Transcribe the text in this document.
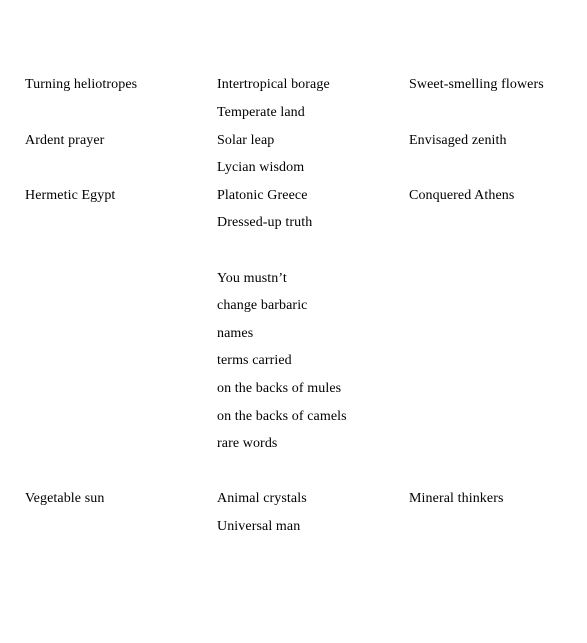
Turning heliotropes	Intertropical borage	Sweet-smelling flowers
Temperate land
Ardent prayer	Solar leap	Envisaged zenith
Lycian wisdom
Hermetic Egypt	Platonic Greece	Conquered Athens
Dressed-up truth
You mustn’t
change barbaric
names
terms carried
on the backs of mules
on the backs of camels
rare words
Vegetable sun	Animal crystals	Mineral thinkers
Universal man
